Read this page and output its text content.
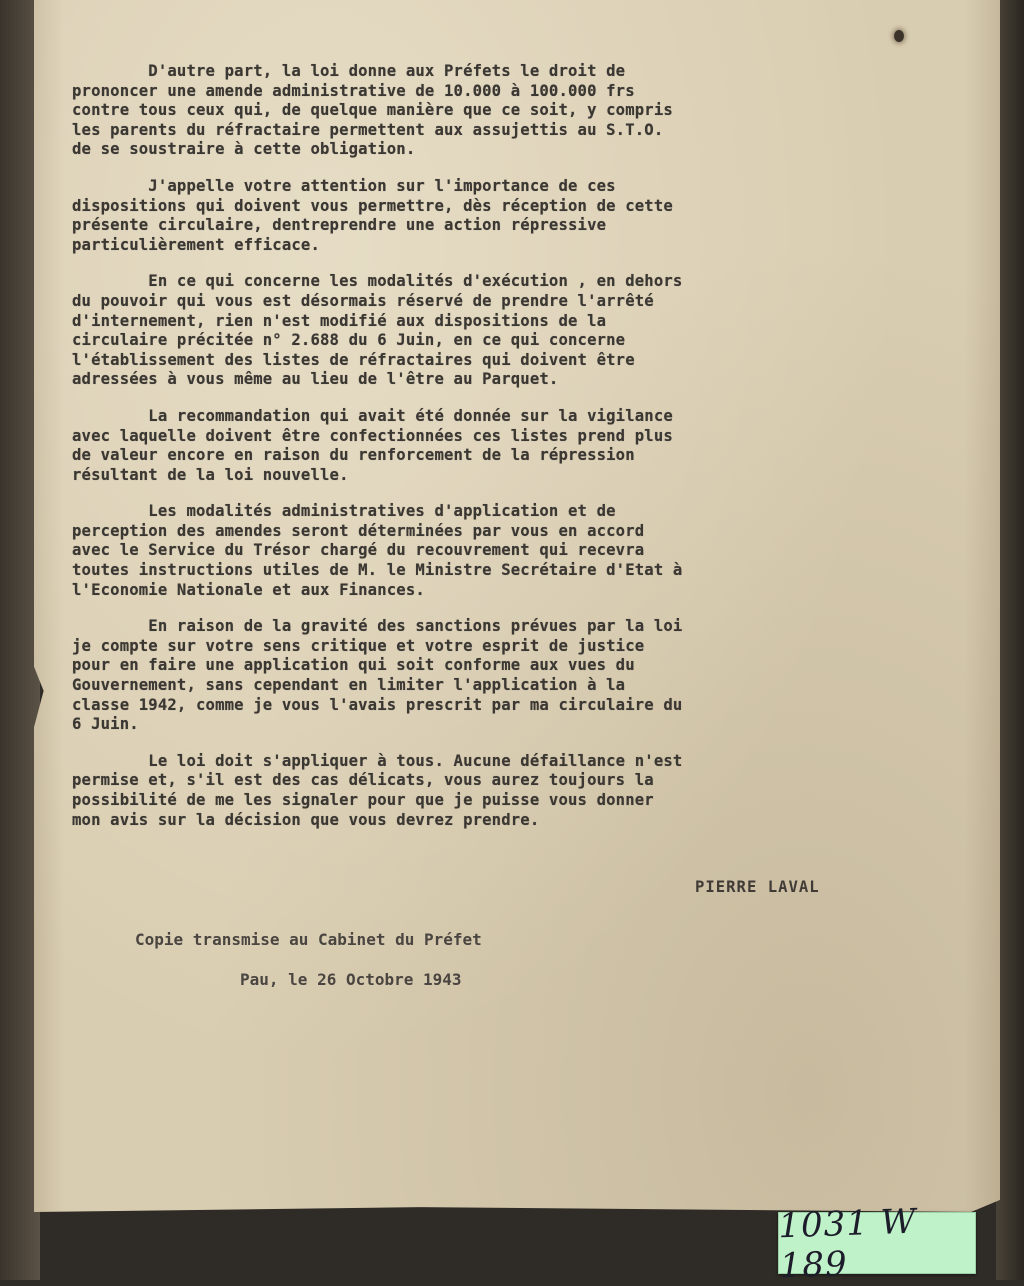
D'autre part, la loi donne aux Préfets le droit de
prononcer une amende administrative de 10.000 à 100.000 frs
contre tous ceux qui, de quelque manière que ce soit, y compris
les parents du réfractaire permettent aux assujettis au S.T.O.
de se soustraire à cette obligation.
J'appelle votre attention sur l'importance de ces
dispositions qui doivent vous permettre, dès réception de cette
présente circulaire, dentreprendre une action répressive
particulièrement efficace.
En ce qui concerne les modalités d'exécution , en dehors
du pouvoir qui vous est désormais réservé de prendre l'arrêté
d'internement, rien n'est modifié aux dispositions de la
circulaire précitée n° 2.688 du 6 Juin, en ce qui concerne
l'établissement des listes de réfractaires qui doivent être
adressées à vous même au lieu de l'être au Parquet.
La recommandation qui avait été donnée sur la vigilance
avec laquelle doivent être confectionnées ces listes prend plus
de valeur encore en raison du renforcement de la répression
résultant de la loi nouvelle.
Les modalités administratives d'application et de
perception des amendes seront déterminées par vous en accord
avec le Service du Trésor chargé du recouvrement qui recevra
toutes instructions utiles de M. le Ministre Secrétaire d'Etat à
l'Economie Nationale et aux Finances.
En raison de la gravité des sanctions prévues par la loi
je compte sur votre sens critique et votre esprit de justice
pour en faire une application qui soit conforme aux vues du
Gouvernement, sans cependant en limiter l'application à la
classe 1942, comme je vous l'avais prescrit par ma circulaire du
6 Juin.
Le loi doit s'appliquer à tous. Aucune défaillance n'est
permise et, s'il est des cas délicats, vous aurez toujours la
possibilité de me les signaler pour que je puisse vous donner
mon avis sur la décision que vous devrez prendre.
PIERRE LAVAL
Copie transmise au Cabinet du Préfet
Pau, le 26 Octobre 1943
1031 W 189
